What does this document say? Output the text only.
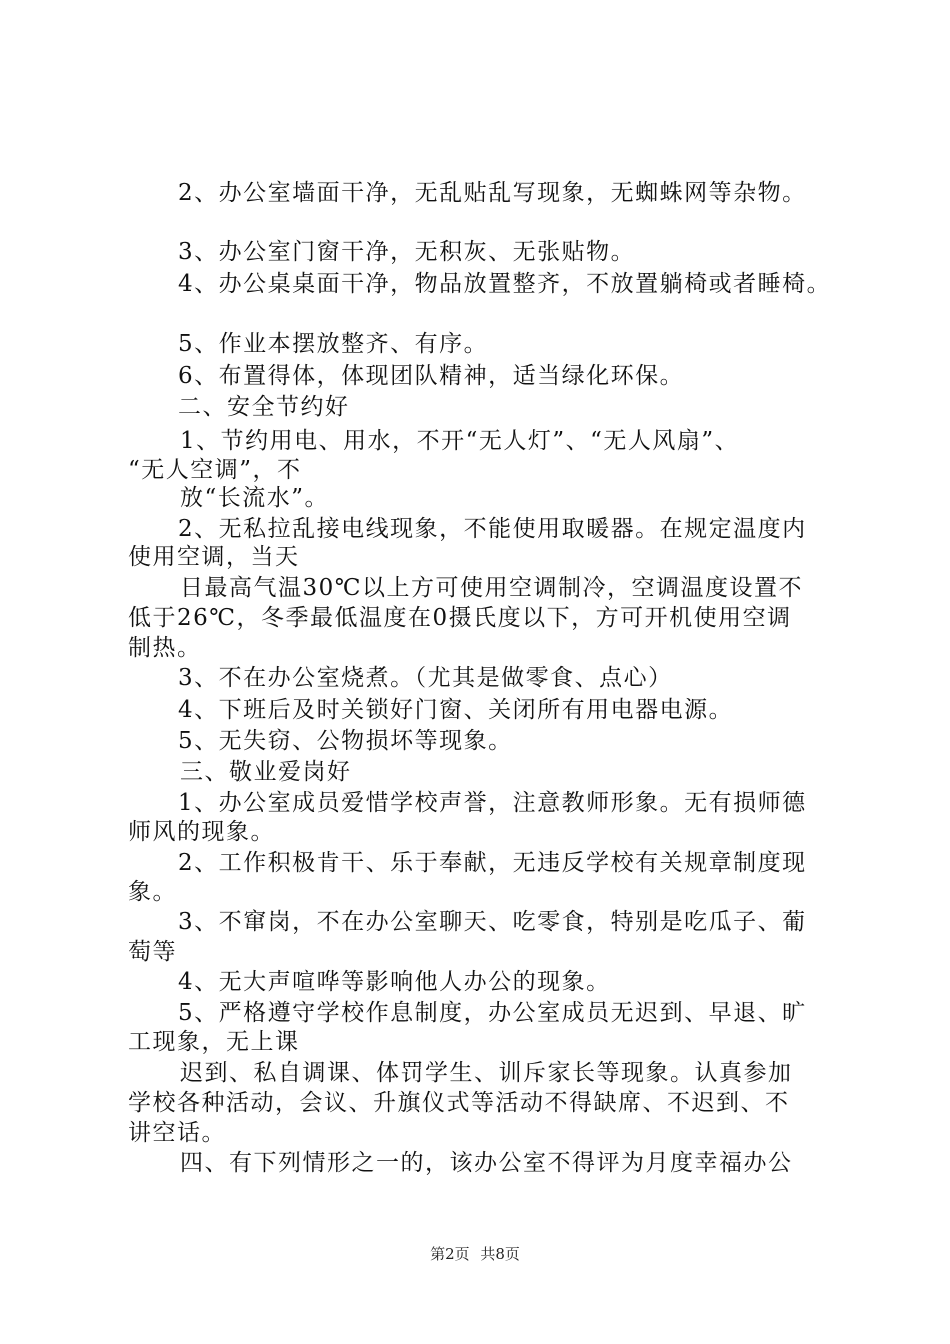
2、办公室墙面干净，无乱贴乱写现象，无蜘蛛网等杂物。
3、办公室门窗干净，无积灰、无张贴物。
4、办公桌桌面干净，物品放置整齐，不放置躺椅或者睡椅。
5、作业本摆放整齐、有序。
6、布置得体，体现团队精神，适当绿化环保。
二、安全节约好
1、节约用电、用水，不开“无人灯”、“无人风扇”、
“无人空调”，不
放“长流水”。
2、无私拉乱接电线现象，不能使用取暖器。在规定温度内
使用空调，当天
日最高气温30℃以上方可使用空调制冷，空调温度设置不
低于26℃，冬季最低温度在0摄氏度以下，方可开机使用空调
制热。
3、不在办公室烧煮。（尤其是做零食、点心）
4、下班后及时关锁好门窗、关闭所有用电器电源。
5、无失窃、公物损坏等现象。
三、敬业爱岗好
1、办公室成员爱惜学校声誉，注意教师形象。无有损师德
师风的现象。
2、工作积极肯干、乐于奉献，无违反学校有关规章制度现
象。
3、不窜岗，不在办公室聊天、吃零食，特别是吃瓜子、葡
萄等
4、无大声喧哗等影响他人办公的现象。
5、严格遵守学校作息制度，办公室成员无迟到、早退、旷
工现象，无上课
迟到、私自调课、体罚学生、训斥家长等现象。认真参加
学校各种活动，会议、升旗仪式等活动不得缺席、不迟到、不
讲空话。
四、有下列情形之一的，该办公室不得评为月度幸福办公
第2页 共8页
